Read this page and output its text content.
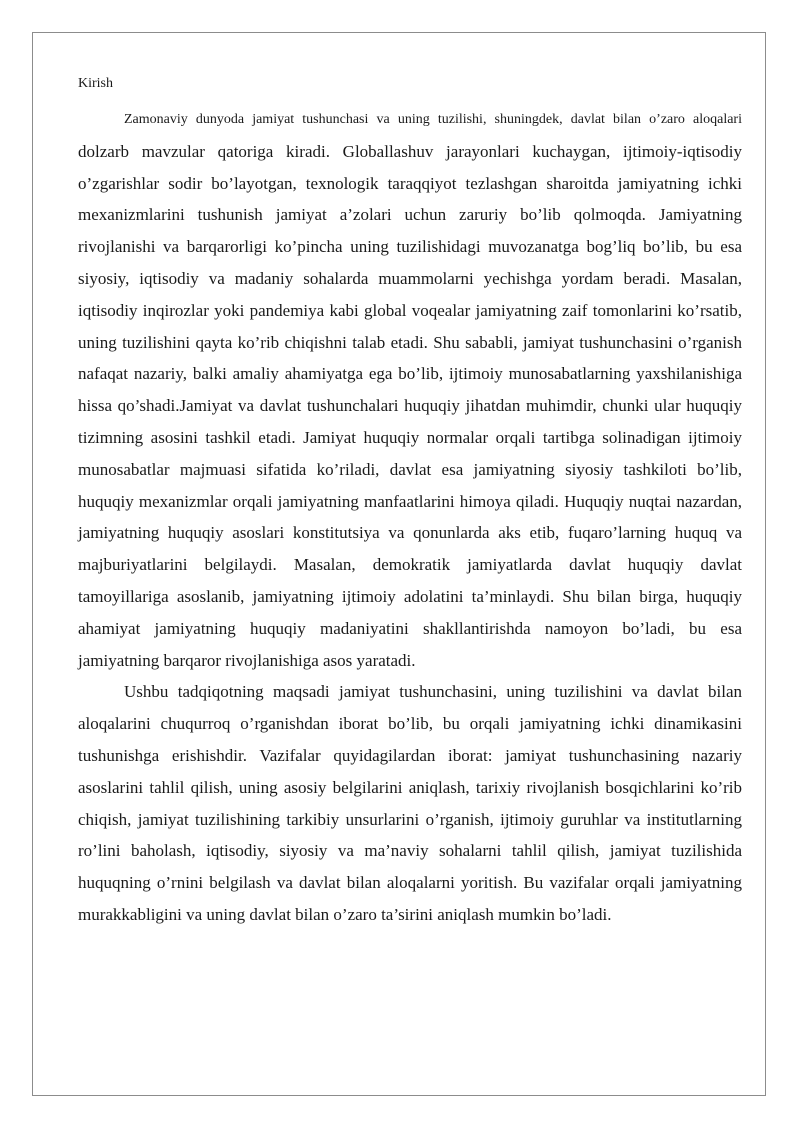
Kirish

Zamonaviy dunyoda jamiyat tushunchasi va uning tuzilishi, shuningdek, davlat bilan o’zaro aloqalari dolzarb mavzular qatoriga kiradi. Globallashuv jarayonlari kuchaygan, ijtimoiy-iqtisodiy o’zgarishlar sodir bo’layotgan, texnologik taraqqiyot tezlashgan sharoitda jamiyatning ichki mexanizmlarini tushunish jamiyat a’zolari uchun zaruriy bo’lib qolmoqda. Jamiyatning rivojlanishi va barqarorligi ko’pincha uning tuzilishidagi muvozanatga bog’liq bo’lib, bu esa siyosiy, iqtisodiy va madaniy sohalarda muammolarni yechishga yordam beradi. Masalan, iqtisodiy inqirozlar yoki pandemiya kabi global voqealar jamiyatning zaif tomonlarini ko’rsatib, uning tuzilishini qayta ko’rib chiqishni talab etadi. Shu sababli, jamiyat tushunchasini o’rganish nafaqat nazariy, balki amaliy ahamiyatga ega bo’lib, ijtimoiy munosabatlarning yaxshilanishiga hissa qo’shadi.Jamiyat va davlat tushunchalari huquqiy jihatdan muhimdir, chunki ular huquqiy tizimning asosini tashkil etadi. Jamiyat huquqiy normalar orqali tartibga solinadigan ijtimoiy munosabatlar majmuasi sifatida ko’riladi, davlat esa jamiyatning siyosiy tashkiloti bo’lib, huquqiy mexanizmlar orqali jamiyatning manfaatlarini himoya qiladi. Huquqiy nuqtai nazardan, jamiyatning huquqiy asoslari konstitutsiya va qonunlarda aks etib, fuqaro’larning huquq va majburiyatlarini belgilaydi. Masalan, demokratik jamiyatlarda davlat huquqiy davlat tamoyillariga asoslanib, jamiyatning ijtimoiy adolatini ta’minlaydi. Shu bilan birga, huquqiy ahamiyat jamiyatning huquqiy madaniyatini shakllantirishda namoyon bo’ladi, bu esa jamiyatning barqaror rivojlanishiga asos yaratadi.

Ushbu tadqiqotning maqsadi jamiyat tushunchasini, uning tuzilishini va davlat bilan aloqalarini chuqurroq o’rganishdan iborat bo’lib, bu orqali jamiyatning ichki dinamikasini tushunishga erishishdir. Vazifalar quyidagilardan iborat: jamiyat tushunchasining nazariy asoslarini tahlil qilish, uning asosiy belgilarini aniqlash, tarixiy rivojlanish bosqichlarini ko’rib chiqish, jamiyat tuzilishining tarkibiy unsurlarini o’rganish, ijtimoiy guruhlar va institutlarning ro’lini baholash, iqtisodiy, siyosiy va ma’naviy sohalarni tahlil qilish, jamiyat tuzilishida huquqning o’rnini belgilash va davlat bilan aloqalarni yoritish. Bu vazifalar orqali jamiyatning murakkabligini va uning davlat bilan o’zaro ta’sirini aniqlash mumkin bo’ladi.
